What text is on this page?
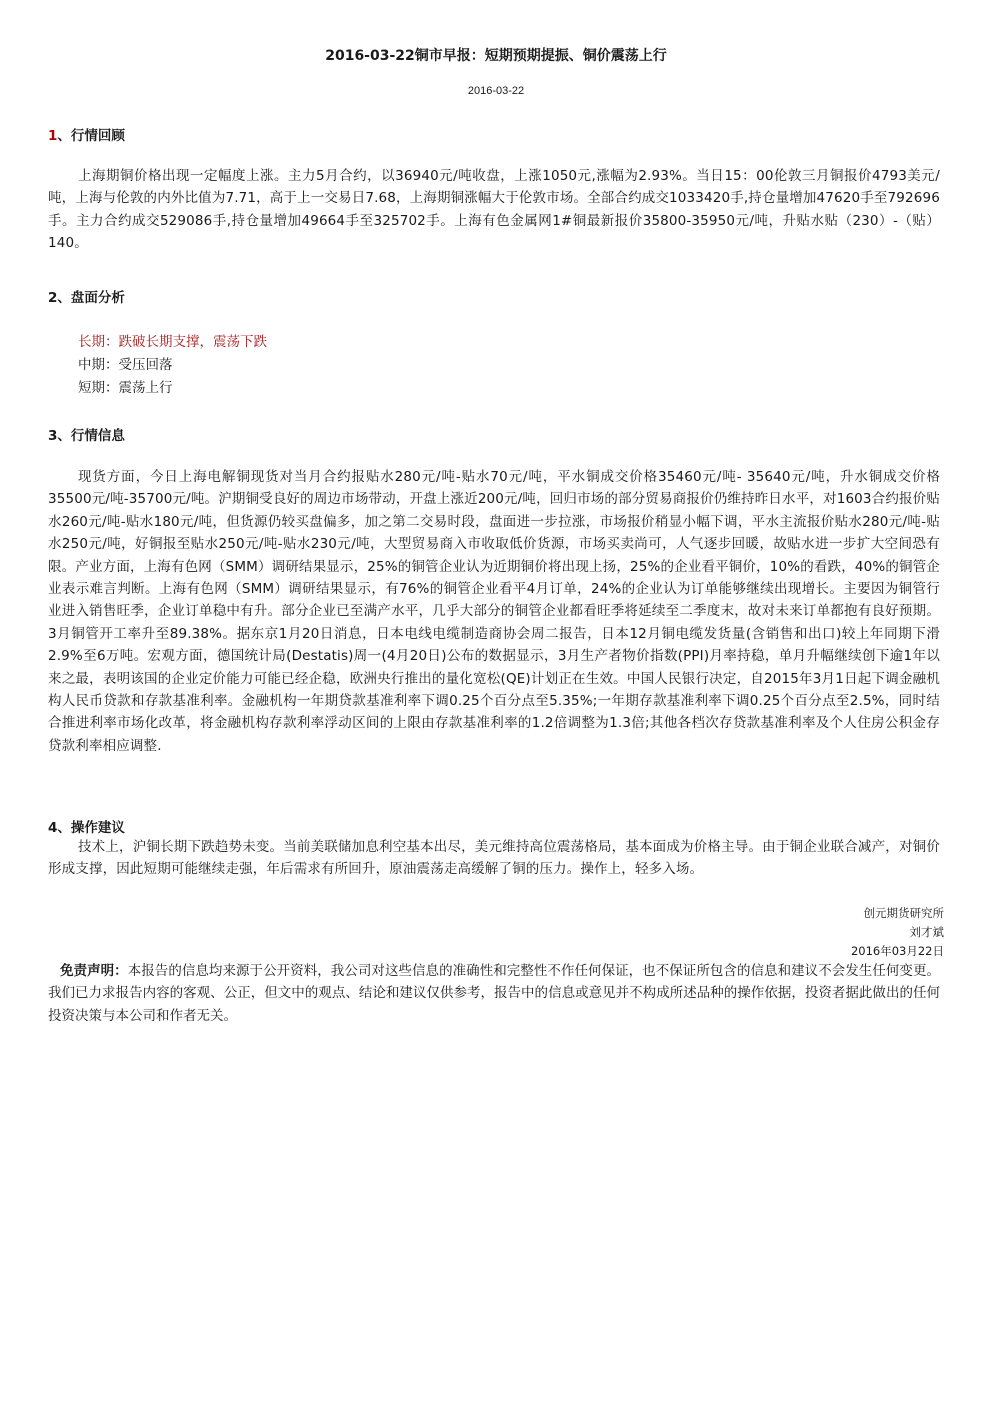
2016-03-22铜市早报：短期预期提振、铜价震荡上行

2016-03-22

1、行情回顾

上海期铜价格出现一定幅度上涨。主力5月合约，以36940元/吨收盘，上涨1050元,涨幅为2.93%。当日15：00伦敦三月铜报价4793美元/吨，上海与伦敦的内外比值为7.71，高于上一交易日7.68，上海期铜涨幅大于伦敦市场。全部合约成交1033420手,持仓量增加47620手至792696 手。主力合约成交529086手,持仓量增加49664手至325702手。上海有色金属网1#铜最新报价35800-35950元/吨，升贴水贴（230）-（贴）140。

2、盘面分析

长期：跌破长期支撑，震荡下跌

中期：受压回落

短期：震荡上行

3、行情信息

现货方面，今日上海电解铜现货对当月合约报贴水280元/吨-贴水70元/吨，平水铜成交价格35460元/吨- 35640元/吨，升水铜成交价格35500元/吨-35700元/吨。沪期铜受良好的周边市场带动，开盘上涨近200元/吨，回归市场的部分贸易商报价仍维持昨日水平，对1603合约报价贴水260元/吨-贴水180元/吨，但货源仍较买盘偏多，加之第二交易时段，盘面进一步拉涨，市场报价稍显小幅下调，平水主流报价贴水280元/吨-贴水250元/吨，好铜报至贴水250元/吨-贴水230元/吨，大型贸易商入市收取低价货源，市场买卖尚可，人气逐步回暖，故贴水进一步扩大空间恐有限。产业方面，上海有色网（SMM）调研结果显示，25%的铜管企业认为近期铜价将出现上扬，25%的企业看平铜价，10%的看跌，40%的铜管企业表示难言判断。上海有色网（SMM）调研结果显示，有76%的铜管企业看平4月订单，24%的企业认为订单能够继续出现增长。主要因为铜管行业进入销售旺季，企业订单稳中有升。部分企业已至满产水平，几乎大部分的铜管企业都看旺季将延续至二季度末，故对未来订单都抱有良好预期。3月铜管开工率升至89.38%。据东京1月20日消息，日本电线电缆制造商协会周二报告，日本12月铜电缆发货量(含销售和出口)较上年同期下滑2.9%至6万吨。宏观方面，德国统计局(Destatis)周一(4月20日)公布的数据显示，3月生产者物价指数(PPI)月率持稳，单月升幅继续创下逾1年以来之最，表明该国的企业定价能力可能已经企稳，欧洲央行推出的量化宽松(QE)计划正在生效。中国人民银行决定，自2015年3月1日起下调金融机构人民币贷款和存款基准利率。金融机构一年期贷款基准利率下调0.25个百分点至5.35%;一年期存款基准利率下调0.25个百分点至2.5%，同时结合推进利率市场化改革，将金融机构存款利率浮动区间的上限由存款基准利率的1.2倍调整为1.3倍;其他各档次存贷款基准利率及个人住房公积金存贷款利率相应调整.

4、操作建议

技术上，沪铜长期下跌趋势未变。当前美联储加息利空基本出尽，美元维持高位震荡格局，基本面成为价格主导。由于铜企业联合减产，对铜价形成支撑，因此短期可能继续走强，年后需求有所回升，原油震荡走高缓解了铜的压力。操作上，轻多入场。

创元期货研究所

刘才斌

2016年03月22日

免责声明：本报告的信息均来源于公开资料，我公司对这些信息的准确性和完整性不作任何保证，也不保证所包含的信息和建议不会发生任何变更。我们已力求报告内容的客观、公正，但文中的观点、结论和建议仅供参考，报告中的信息或意见并不构成所述品种的操作依据，投资者据此做出的任何投资决策与本公司和作者无关。
